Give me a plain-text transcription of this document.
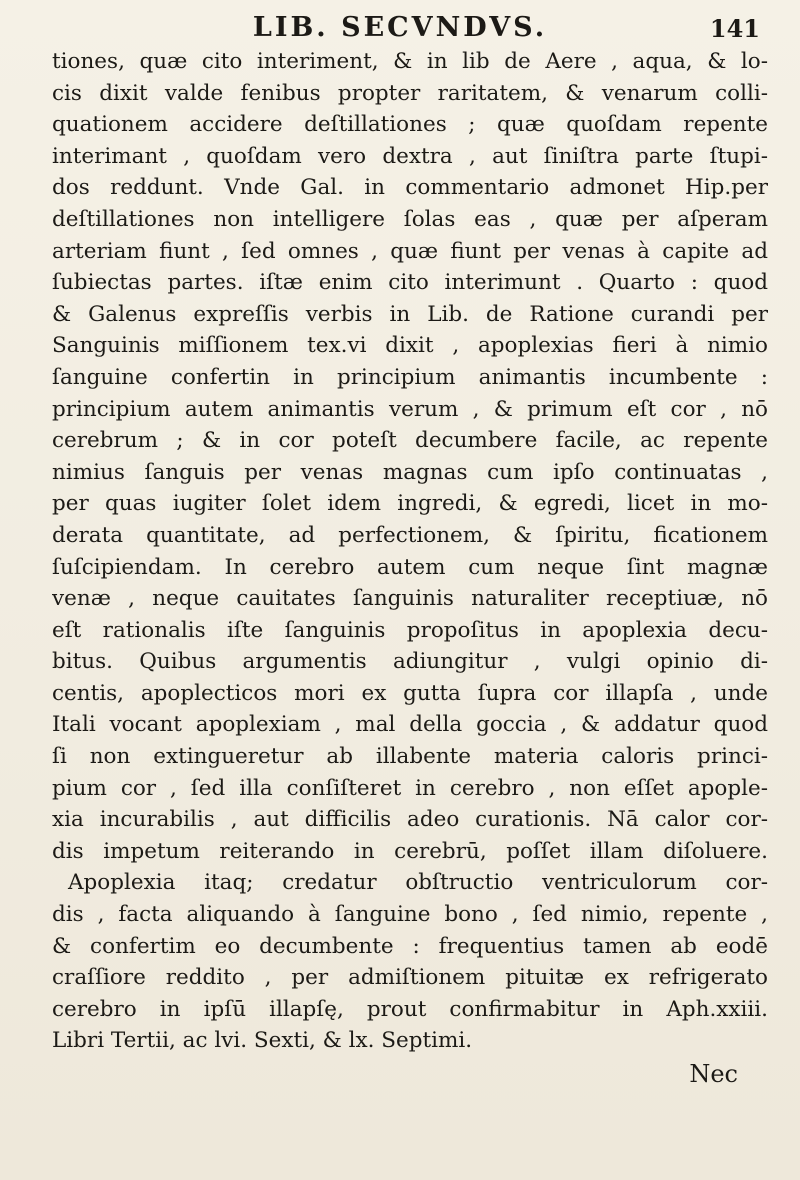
LIB. SECVNDVS.	141
tiones, quæ cito interiment, & in lib de Aere , aqua, & lo-
cis dixit valde fenibus propter raritatem, & venarum colli-
quationem accidere deſtillationes ; quæ quoſdam repente
interimant , quoſdam vero dextra , aut ſiniſtra parte ſtupi-
dos reddunt. Vnde Gal. in commentario admonet Hip.per
deſtillationes non intelligere ſolas eas , quæ per aſperam
arteriam fiunt , ſed omnes , quæ fiunt per venas à capite ad
ſubiectas partes. iſtæ enim cito interimunt . Quarto : quod
& Galenus expreſſis verbis in Lib. de Ratione curandi per
Sanguinis miſſionem tex.vi dixit , apoplexias fieri à nimio
ſanguine confertin in principium animantis incumbente :
principium autem animantis verum , & primum eſt cor , nō
cerebrum ; & in cor poteſt decumbere facile, ac repente
nimius ſanguis per venas magnas cum ipſo continuatas ,
per quas iugiter ſolet idem ingredi, & egredi, licet in mo-
derata quantitate, ad perfectionem, & ſpiritu, ficationem
ſuſcipiendam. In cerebro autem cum neque ſint magnæ
venæ , neque cauitates ſanguinis naturaliter receptiuæ, nō
eſt rationalis iſte ſanguinis propoſitus in apoplexia decu-
bitus. Quibus argumentis adiungitur , vulgi opinio di-
centis, apoplecticos mori ex gutta ſupra cor illapſa , unde
Itali vocant apoplexiam , mal della goccia , & addatur quod
ſi non extingueretur ab illabente materia caloris princi-
pium cor , ſed illa conſiſteret in cerebro , non eſſet apople-
xia incurabilis , aut difficilis adeo curationis. Nā calor cor-
dis impetum reiterando in cerebrū, poſſet illam diſoluere.
Apoplexia itaq; credatur obſtructio ventriculorum cor-
dis , facta aliquando à ſanguine bono , ſed nimio, repente ,
& confertim eo decumbente : frequentius tamen ab eodē
craſſiore reddito , per admiſtionem pituitæ ex refrigerato
cerebro in ipſū illapſę, prout confirmabitur in Aph.xxiii.
Libri Tertii, ac lvi. Sexti, & lx. Septimi.
Nec
